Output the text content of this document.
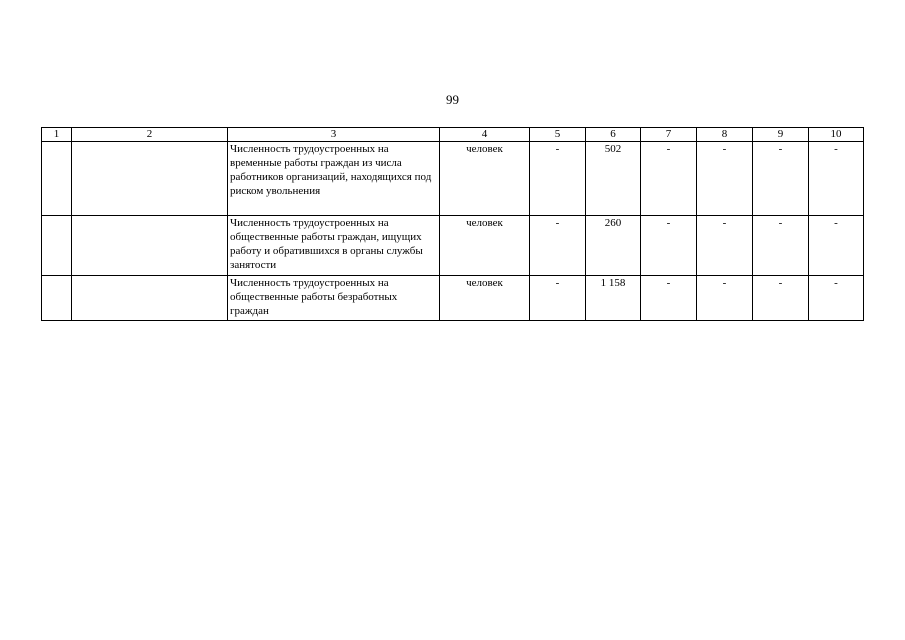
99
1	2	3	4	5	6	7	8	9	10
		Численность трудоустроенных на временные работы граждан из числа работников организаций, находящихся под риском увольнения	человек	-	502	-	-	-	-
		Численность трудоустроенных на общественные работы граждан, ищущих работу и обратившихся в органы службы занятости	человек	-	260	-	-	-	-
		Численность трудоустроенных на общественные работы безработных граждан	человек	-	1 158	-	-	-	-
